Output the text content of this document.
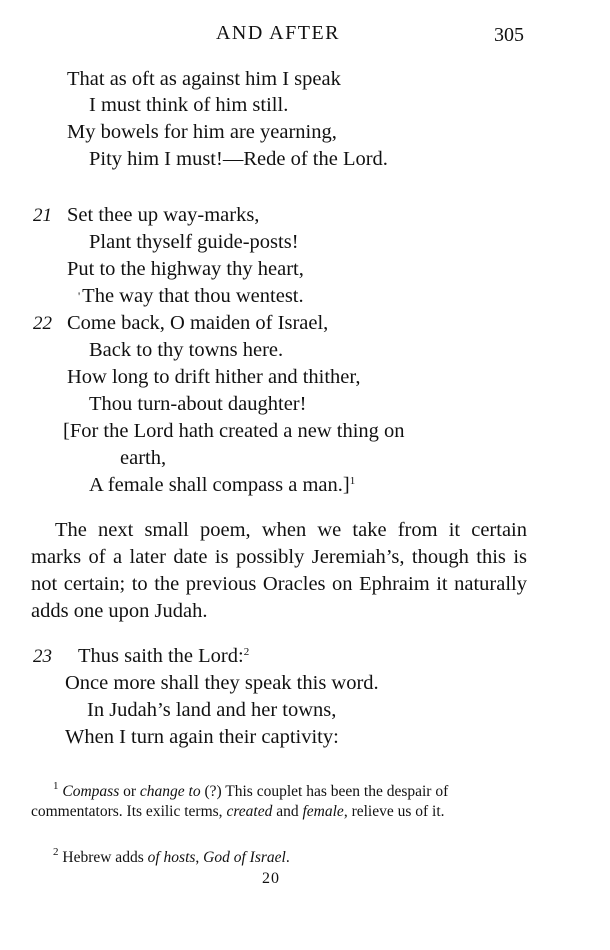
AND AFTER	305
That as oft as against him I speak
I must think of him still.
My bowels for him are yearning,
Pity him I must!—Rede of the Lord.
21 Set thee up way-marks,
Plant thyself guide-posts!
Put to the highway thy heart,
'The way that thou wentest.
22 Come back, O maiden of Israel,
Back to thy towns here.
How long to drift hither and thither,
Thou turn-about daughter!
[For the Lord hath created a new thing on
earth,
A female shall compass a man.]$^1$

The next small poem, when we take from it certain marks of a later date is possibly Jeremiah’s, though this is not certain; to the previous Oracles on Ephraim it naturally adds one upon Judah.

23 Thus saith the Lord:$^2$
Once more shall they speak this word.
In Judah’s land and her towns,
When I turn again their captivity:

$^1$ Compass or change to (?) This couplet has been the despair of commentators. Its exilic terms, created and female, relieve us of it.

$^2$ Hebrew adds of hosts, God of Israel.

20
